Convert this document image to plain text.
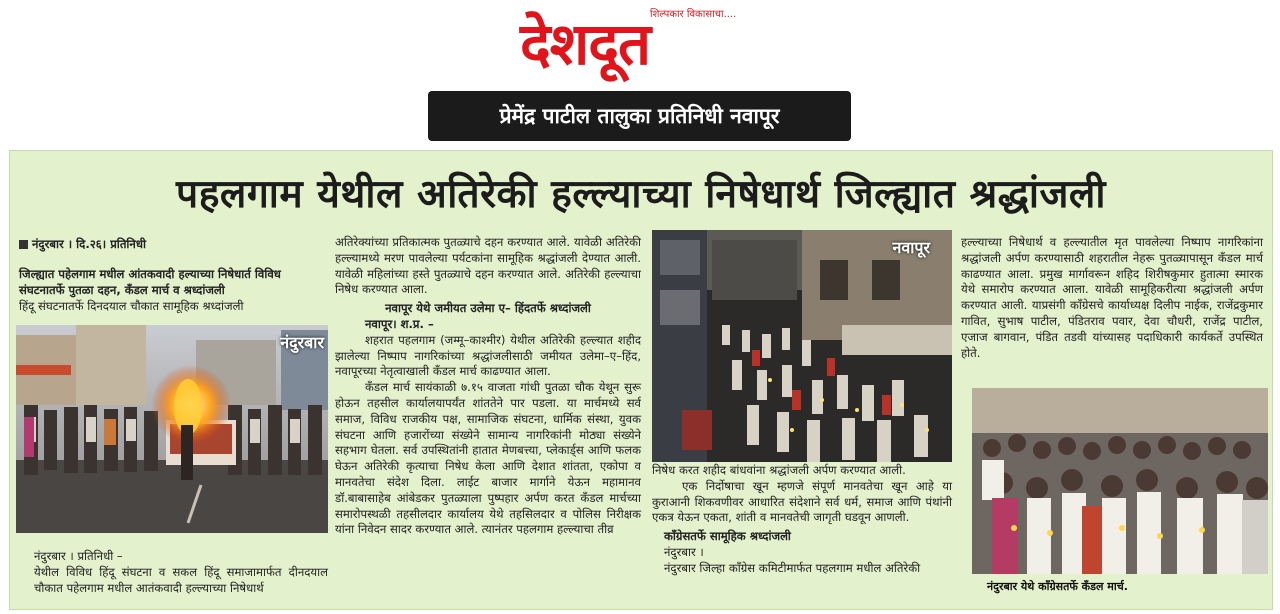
देशदूत शिल्पकार विकासाचा....
प्रेमेंद्र पाटील तालुका प्रतिनिधी नवापूर
पहलगाम येथील अतिरेकी हल्ल्याच्या निषेधार्थ जिल्ह्यात श्रद्धांजली

नंदुरबार । दि.२६। प्रतिनिधी

जिल्ह्यात पहेलगाम मधील आंतकवादी हल्याच्या निषेधार्त विविध संघटनातर्फे पुतळा दहन, कॅंडल मार्च व श्रध्दांजली

हिंदू संघटनातर्फे दिनदयाल चौकात सामूहिक श्रध्दांजली

नंदुरबार

नंदुरबार । प्रतिनिधी –

येथील विविध हिंदू संघटना व सकल हिंदू समाजामार्फत दीनदयाल चौकात पहेलगाम मधील आतंकवादी हल्ल्याच्या निषेधार्थ

अतिरेक्यांच्या प्रतिकात्मक पुतळ्याचे दहन करण्यात आले. यावेळी अतिरेकी हल्ल्यामध्ये मरण पावलेल्या पर्यटकांना सामूहिक श्रद्धांजली देण्यात आली. यावेळी महिलांच्या हस्ते पुतळ्याचे दहन करण्यात आले. अतिरेकी हल्ल्याचा निषेध करण्यात आला.

नवापूर येथे जमीयत उलेमा ए– हिंदतर्फे श्रध्दांजली

नवापूर। श.प्र. –

शहरात पहलगाम (जम्मू–काश्मीर) येथील अतिरेकी हल्ल्यात शहीद झालेल्या निष्पाप नागरिकांच्या श्रद्धांजलीसाठी जमीयत उलेमा–ए–हिंद, नवापूरच्या नेतृत्वाखाली कँडल मार्च काढण्यात आला.

कँडल मार्च सायंकाळी ७.१५ वाजता गांधी पुतळा चौक येथून सुरू होऊन तहसील कार्यालयापर्यंत शांततेने पार पडला. या मार्चमध्ये सर्व समाज, विविध राजकीय पक्ष, सामाजिक संघटना, धार्मिक संस्था, युवक संघटना आणि हजारोंच्या संख्येने सामान्य नागरिकांनी मोठ्या संख्येने सहभाग घेतला. सर्व उपस्थितांनी हातात मेणबत्त्या, प्लेकार्ड्स आणि फलक घेऊन अतिरेकी कृत्याचा निषेध केला आणि देशात शांतता, एकोपा व मानवतेचा संदेश दिला. लाईट बाजार मार्गाने येऊन महामानव डॉ.बाबासाहेब आंबेडकर पुतळ्याला पुष्पहार अर्पण करत कँडल मार्चच्या समारोपस्थळी तहसीलदार कार्यालय येथे तहसिलदार व पोलिस निरीक्षक यांना निवेदन सादर करण्यात आले. त्यानंतर पहलगाम हल्ल्याचा तीव्र

नवापूर

निषेध करत शहीद बांधवांना श्रद्धांजली अर्पण करण्यात आली.

एक निर्दोषाचा खून म्हणजे संपूर्ण मानवतेचा खून आहे या कुराआनी शिकवणीवर आधारित संदेशाने सर्व धर्म, समाज आणि पंथांनी एकत्र येऊन एकता, शांती व मानवतेची जागृती घडवून आणली.

कॉंग्रेसतर्फे सामूहिक श्रध्दांजली

नंदुरबार ।

नंदुरबार जिल्हा कॉंग्रेस कमिटीमार्फत पहलगाम मधील अतिरेकी

हल्ल्याच्या निषेधार्थ व हल्ल्यातील मृत पावलेल्या निष्पाप नागरिकांना श्रद्धांजली अर्पण करण्यासाठी शहरातील नेहरू पुतळ्यापासून कॅंडल मार्च काढण्यात आला. प्रमुख मार्गावरून शहिद शिरीषकुमार हुतात्मा स्मारक येथे समारोप करण्यात आला. यावेळी सामूहिकरीत्या श्रद्धांजली अर्पण करण्यात आली. याप्रसंगी कॉंग्रेसचे कार्याध्यक्ष दिलीप नाईक, राजेंद्रकुमार गावित, सुभाष पाटील, पंडितराव पवार, देवा चौधरी, राजेंद्र पाटील, एजाज बागवान, पंडित तडवी यांच्यासह पदाधिकारी कार्यकर्ते उपस्थित होते.

नंदुरबार येथे कॉंग्रेसतर्फे कॅंडल मार्च.
